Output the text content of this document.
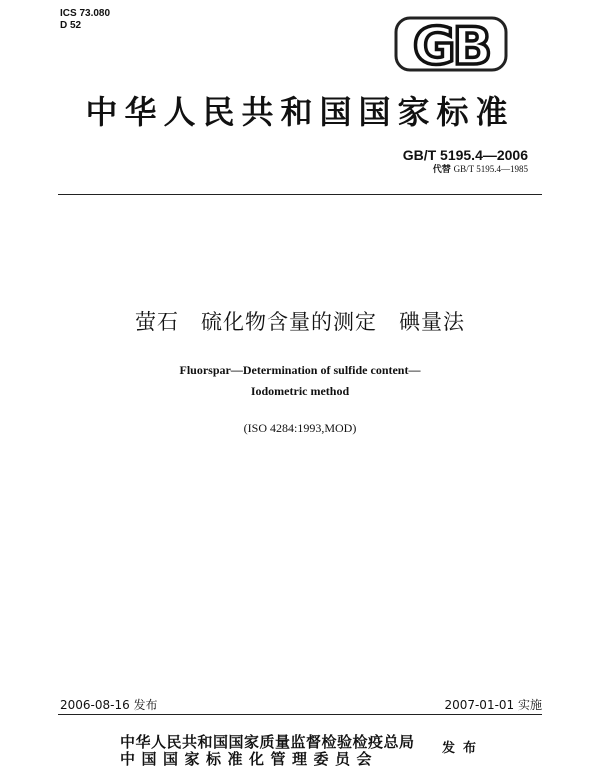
ICS 73.080
D 52	GB
中华人民共和国国家标准
GB/T 5195.4—2006
代替 GB/T 5195.4—1985
萤石　硫化物含量的测定　碘量法
Fluorspar—Determination of sulfide content—
Iodometric method
(ISO 4284:1993,MOD)
2006-08-16 发布	2007-01-01 实施
中华人民共和国国家质量监督检验检疫总局
中国国家标准化管理委员会
发布
